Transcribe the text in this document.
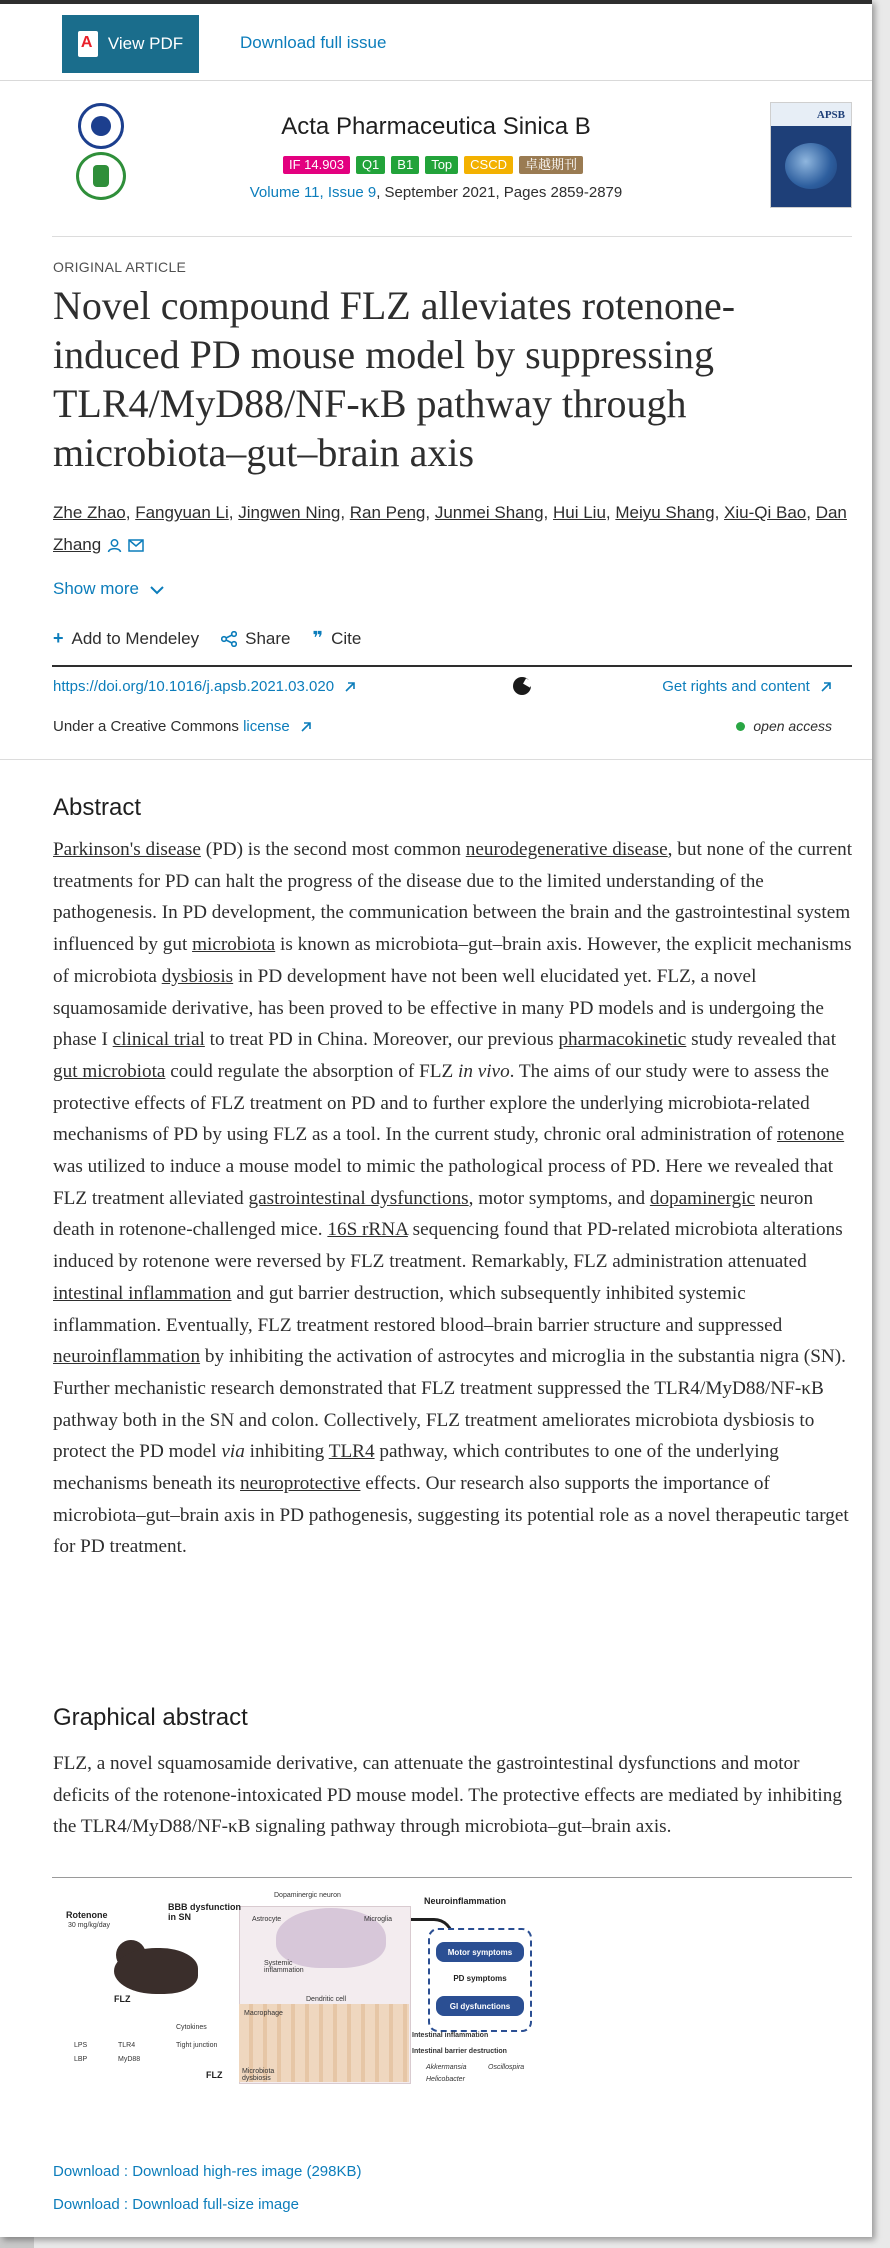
A
View PDF	Download full issue
Acta Pharmaceutica Sinica B
IF 14.903	Q1	B1	Top	CSCD	卓越期刊
Volume 11, Issue 9, September 2021, Pages 2859-2879
APSB
ORIGINAL ARTICLE
Novel compound FLZ alleviates rotenone-induced PD mouse model by suppressing TLR4/MyD88/NF-κB pathway through microbiota–gut–brain axis
Zhe Zhao, Fangyuan Li, Jingwen Ning, Ran Peng, Junmei Shang, Hui Liu, Meiyu Shang, Xiu-Qi Bao, Dan Zhang
Show more
+ Add to Mendeley	Share ❞ Cite
https://doi.org/10.1016/j.apsb.2021.03.020	Get rights and content
Under a Creative Commons license	open access
Abstract

Parkinson's disease (PD) is the second most common neurodegenerative disease, but none of the current treatments for PD can halt the progress of the disease due to the limited understanding of the pathogenesis. In PD development, the communication between the brain and the gastrointestinal system influenced by gut microbiota is known as microbiota–gut–brain axis. However, the explicit mechanisms of microbiota dysbiosis in PD development have not been well elucidated yet. FLZ, a novel squamosamide derivative, has been proved to be effective in many PD models and is undergoing the phase I clinical trial to treat PD in China. Moreover, our previous pharmacokinetic study revealed that gut microbiota could regulate the absorption of FLZ in vivo. The aims of our study were to assess the protective effects of FLZ treatment on PD and to further explore the underlying microbiota-related mechanisms of PD by using FLZ as a tool. In the current study, chronic oral administration of rotenone was utilized to induce a mouse model to mimic the pathological process of PD. Here we revealed that FLZ treatment alleviated gastrointestinal dysfunctions, motor symptoms, and dopaminergic neuron death in rotenone-challenged mice. 16S rRNA sequencing found that PD-related microbiota alterations induced by rotenone were reversed by FLZ treatment. Remarkably, FLZ administration attenuated intestinal inflammation and gut barrier destruction, which subsequently inhibited systemic inflammation. Eventually, FLZ treatment restored blood–brain barrier structure and suppressed neuroinflammation by inhibiting the activation of astrocytes and microglia in the substantia nigra (SN). Further mechanistic research demonstrated that FLZ treatment suppressed the TLR4/MyD88/NF-κB pathway both in the SN and colon. Collectively, FLZ treatment ameliorates microbiota dysbiosis to protect the PD model via inhibiting TLR4 pathway, which contributes to one of the underlying mechanisms beneath its neuroprotective effects. Our research also supports the importance of microbiota–gut–brain axis in PD pathogenesis, suggesting its potential role as a novel therapeutic target for PD treatment.

Graphical abstract

FLZ, a novel squamosamide derivative, can attenuate the gastrointestinal dysfunctions and motor deficits of the rotenone-intoxicated PD mouse model. The protective effects are mediated by inhibiting the TLR4/MyD88/NF-κB signaling pathway through microbiota–gut–brain axis.

Rotenone
30 mg/kg/day
BBB dysfunction
in SN
Dopaminergic neuron
Astrocyte	Microglia
Neuroinflammation
Systemic
inflammation
Dendritic cell
Macrophage
Motor symptoms
PD symptoms
GI dysfunctions
FLZ
Cytokines
LPS	TLR4	Tight junction
LBP	MyD88
FLZ	Microbiota
dysbiosis
Intestinal inflammation
Intestinal barrier destruction
Akkermansia	Oscillospira
Helicobacter
Download : Download high-res image (298KB)
Download : Download full-size image
